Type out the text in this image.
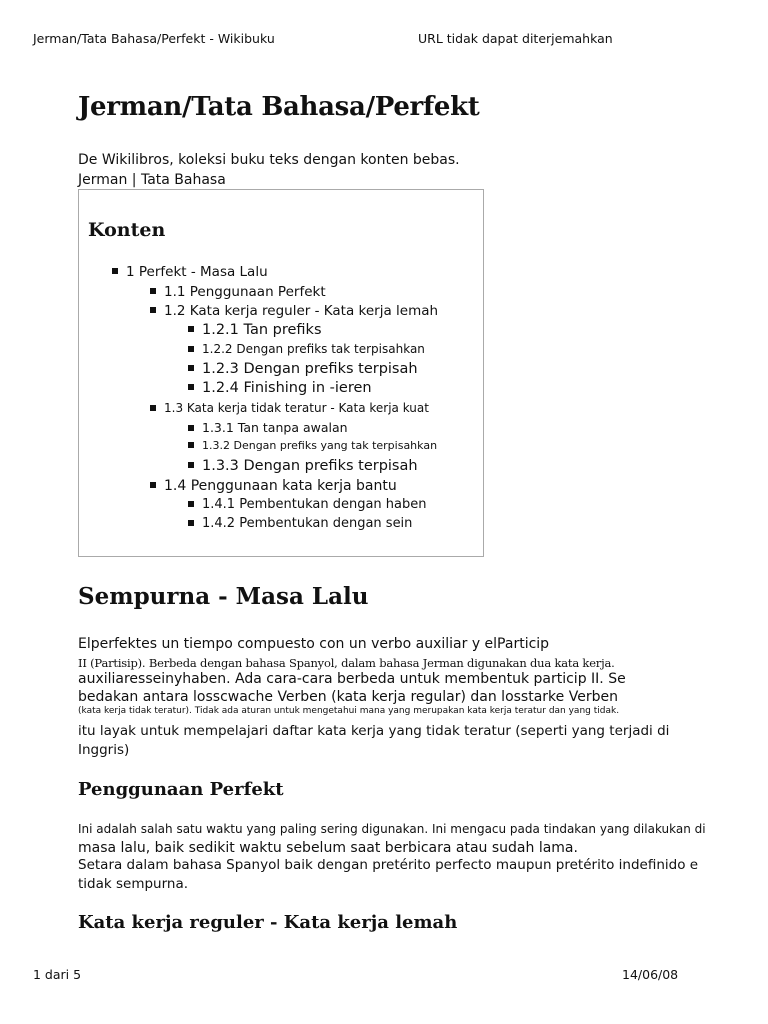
Jerman/Tata Bahasa/Perfekt - Wikibuku	URL tidak dapat diterjemahkan
Jerman/Tata Bahasa/Perfekt
De Wikilibros, koleksi buku teks dengan konten bebas.
Jerman | Tata Bahasa
Konten
1 Perfekt - Masa Lalu
1.1 Penggunaan Perfekt
1.2 Kata kerja reguler - Kata kerja lemah
1.2.1 Tan prefiks
1.2.2 Dengan prefiks tak terpisahkan
1.2.3 Dengan prefiks terpisah
1.2.4 Finishing in -ieren
1.3 Kata kerja tidak teratur - Kata kerja kuat
1.3.1 Tan tanpa awalan
1.3.2 Dengan prefiks yang tak terpisahkan
1.3.3 Dengan prefiks terpisah
1.4 Penggunaan kata kerja bantu
1.4.1 Pembentukan dengan haben
1.4.2 Pembentukan dengan sein
Sempurna - Masa Lalu
Elperfektes un tiempo compuesto con un verbo auxiliar y elParticip
II (Partisip). Berbeda dengan bahasa Spanyol, dalam bahasa Jerman digunakan dua kata kerja.
auxiliaresseinyhaben. Ada cara-cara berbeda untuk membentuk particip II. Se
bedakan antara losscwache Verben (kata kerja regular) dan losstarke Verben
(kata kerja tidak teratur). Tidak ada aturan untuk mengetahui mana yang merupakan kata kerja teratur dan yang tidak.
itu layak untuk mempelajari daftar kata kerja yang tidak teratur (seperti yang terjadi di
Inggris)
Penggunaan Perfekt
Ini adalah salah satu waktu yang paling sering digunakan. Ini mengacu pada tindakan yang dilakukan di
masa lalu, baik sedikit waktu sebelum saat berbicara atau sudah lama.
Setara dalam bahasa Spanyol baik dengan pretérito perfecto maupun pretérito indefinido e
tidak sempurna.
Kata kerja reguler - Kata kerja lemah
1 dari 5	14/06/08
